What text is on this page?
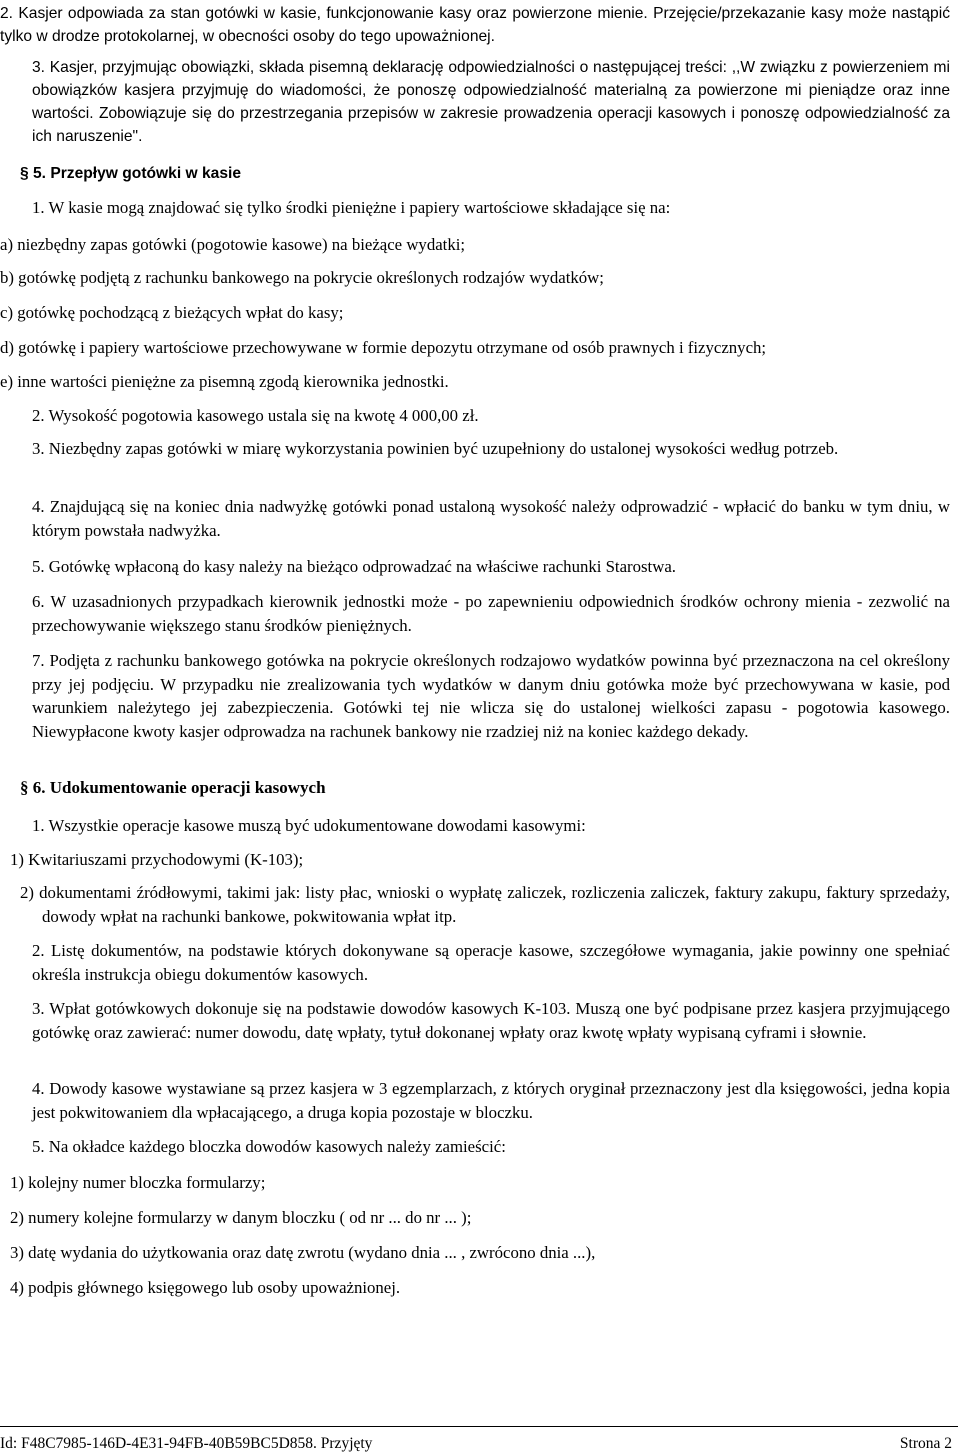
2. Kasjer odpowiada za stan gotówki w kasie, funkcjonowanie kasy oraz powierzone mienie. Przejęcie/przekazanie kasy może nastąpić tylko w drodze protokolarnej, w obecności osoby do tego upoważnionej.

3. Kasjer, przyjmując obowiązki, składa pisemną deklarację odpowiedzialności o następującej treści: ,,W związku z powierzeniem mi obowiązków kasjera przyjmuję do wiadomości, że ponoszę odpowiedzialność materialną za powierzone mi pieniądze oraz inne wartości. Zobowiązuje się do przestrzegania przepisów w zakresie prowadzenia operacji kasowych i ponoszę odpowiedzialność za ich naruszenie".

§ 5. Przepływ gotówki w kasie

1. W kasie mogą znajdować się tylko środki pieniężne i papiery wartościowe składające się na:

a) niezbędny zapas gotówki (pogotowie kasowe) na bieżące wydatki;

b) gotówkę podjętą z rachunku bankowego na pokrycie określonych rodzajów wydatków;

c) gotówkę pochodzącą z bieżących wpłat do kasy;

d) gotówkę i papiery wartościowe przechowywane w formie depozytu otrzymane od osób prawnych i fizycznych;

e) inne wartości pieniężne za pisemną zgodą kierownika jednostki.

2. Wysokość pogotowia kasowego ustala się na kwotę 4 000,00 zł.

3. Niezbędny zapas gotówki w miarę wykorzystania powinien być uzupełniony do ustalonej wysokości według potrzeb.

4. Znajdującą się na koniec dnia nadwyżkę gotówki ponad ustaloną wysokość należy odprowadzić - wpłacić do banku w tym dniu, w którym powstała nadwyżka.

5. Gotówkę wpłaconą do kasy należy na bieżąco odprowadzać na właściwe rachunki Starostwa.

6. W uzasadnionych przypadkach kierownik jednostki może - po zapewnieniu odpowiednich środków ochrony mienia - zezwolić na przechowywanie większego stanu środków pieniężnych.

7. Podjęta z rachunku bankowego gotówka na pokrycie określonych rodzajowo wydatków powinna być przeznaczona na cel określony przy jej podjęciu. W przypadku nie zrealizowania tych wydatków w danym dniu gotówka może być przechowywana w kasie, pod warunkiem należytego jej zabezpieczenia. Gotówki tej nie wlicza się do ustalonej wielkości zapasu - pogotowia kasowego. Niewypłacone kwoty kasjer odprowadza na rachunek bankowy nie rzadziej niż na koniec każdego dekady.

§ 6. Udokumentowanie operacji kasowych

1. Wszystkie operacje kasowe muszą być udokumentowane dowodami kasowymi:

1) Kwitariuszami przychodowymi (K-103);

2) dokumentami źródłowymi, takimi jak: listy płac, wnioski o wypłatę zaliczek, rozliczenia zaliczek, faktury zakupu, faktury sprzedaży, dowody wpłat na rachunki bankowe, pokwitowania wpłat itp.

2. Listę dokumentów, na podstawie których dokonywane są operacje kasowe, szczegółowe wymagania, jakie powinny one spełniać określa instrukcja obiegu dokumentów kasowych.

3. Wpłat gotówkowych dokonuje się na podstawie dowodów kasowych K-103. Muszą one być podpisane przez kasjera przyjmującego gotówkę oraz zawierać: numer dowodu, datę wpłaty, tytuł dokonanej wpłaty oraz kwotę wpłaty wypisaną cyframi i słownie.

4. Dowody kasowe wystawiane są przez kasjera w 3 egzemplarzach, z których oryginał przeznaczony jest dla księgowości, jedna kopia jest pokwitowaniem dla wpłacającego, a druga kopia pozostaje w bloczku.

5. Na okładce każdego bloczka dowodów kasowych należy zamieścić:

1) kolejny numer bloczka formularzy;

2) numery kolejne formularzy w danym bloczku ( od nr ... do nr ... );

3) datę wydania do użytkowania oraz datę zwrotu (wydano dnia ... , zwrócono dnia ...),

4) podpis głównego księgowego lub osoby upoważnionej.

Id: F48C7985-146D-4E31-94FB-40B59BC5D858. Przyjęty	Strona 2
